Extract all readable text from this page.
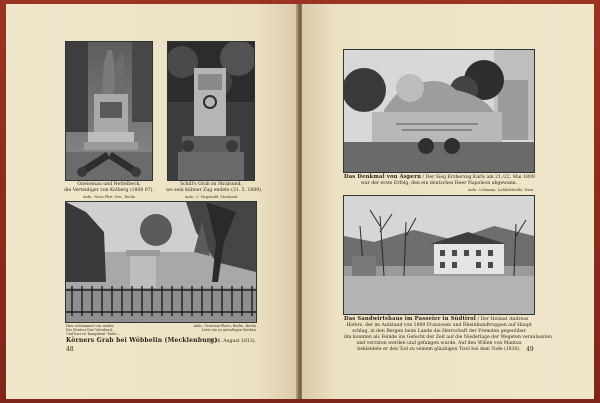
Gneisenau und Nettelbeck,
die Verteidiger von Kolberg (1808 07).
Aufn.: Neue Phot.-Ges., Berlin
Schill's Grab zu Stralsund,
wo sein kühner Zug endete (31. 5. 1809).
Aufn.: C. Hegewald, Stralsund
Hier schlummert ein müder,
Ein Streiter fürs Vaterland,
Und hier ist Kampfrüst' Ende...
Aufn.: Teutonia-Photo, Berlin, Berlin
Leist ein zu gewaltigen Werken
Körners Grab bei Wöbbelin (Mecklenburg)
(† 26. August 1813).
48
Das Denkmal von Aspern / Der Sieg Erzherzog Karls am 21./22. Mai 1809
war der erste Erfolg, den ein deutsches Heer Napoleon abgewann.
Aufn.: Lehmann, Lichtbildstelle, Wien.
Das Sandwirtshaus im Passeier in Südtirol / Der Heimat Andreas
Hofers, der im Aufstand von 1809 Franzosen und Rheinbundtruppen auf Haupt
schlug, in den Bergen beim Lande die Herrschaft der Fremden gegenüber
ihn konnten als Feinde ins Gefecht der Zeit auf die Niederlage der Wegeten veranlassten
und verraten werden und gefangen wurde. Auf den Willen von Mantua
bekleidete er den Tod zu seinem gläubigen Tirol bei dem Tode (1810). 49
